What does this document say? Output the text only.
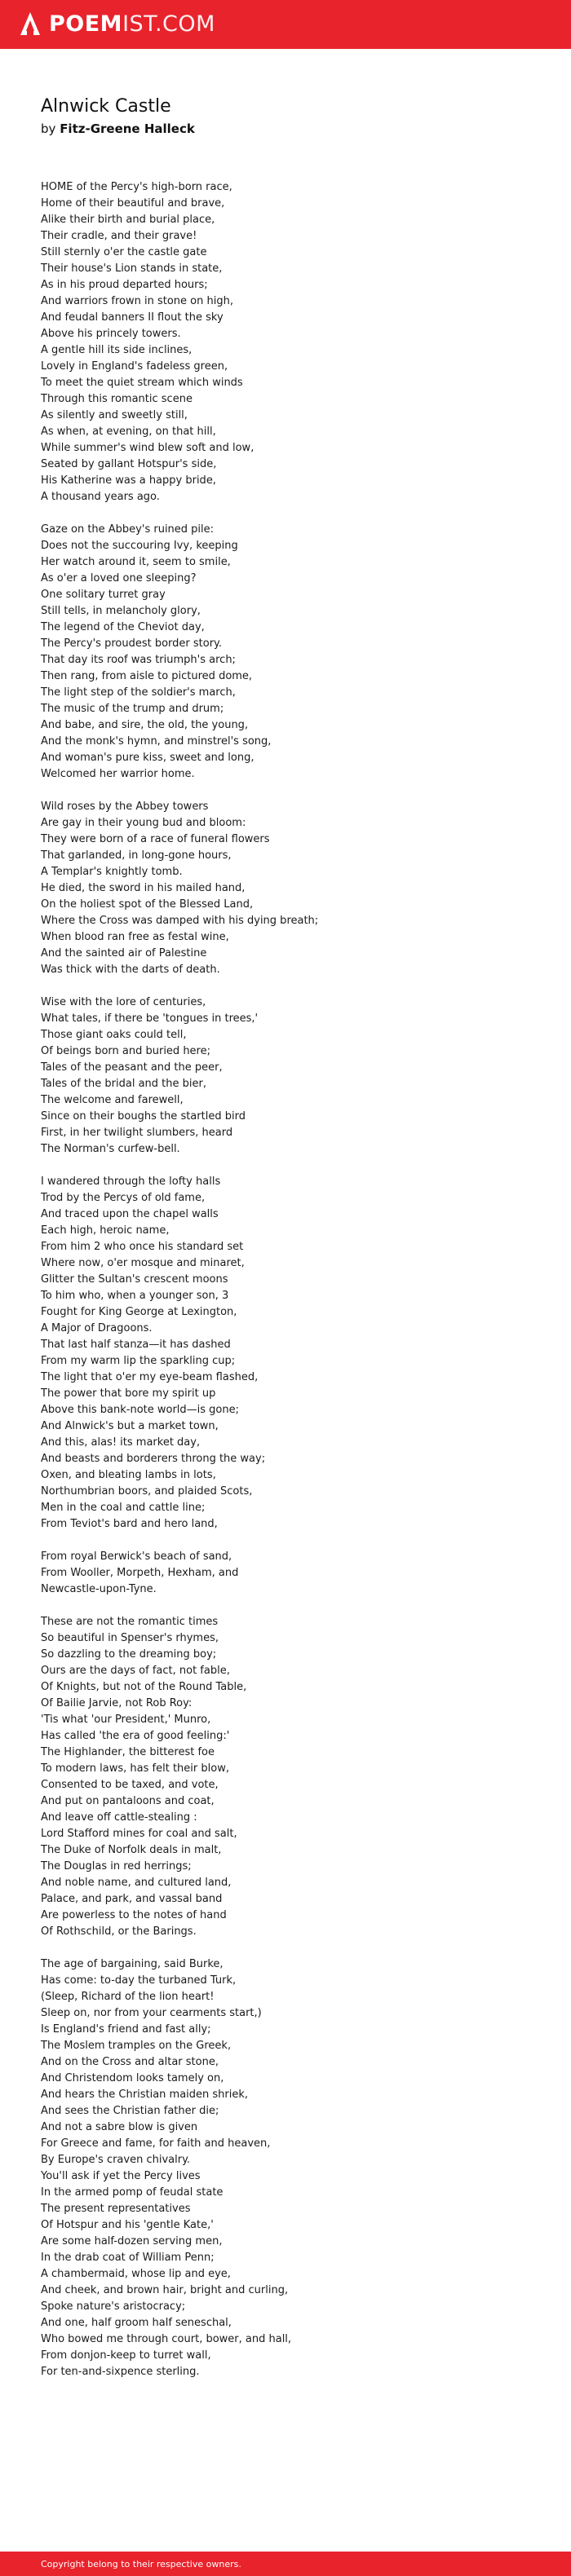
POEMIST.COM
Alnwick Castle
by Fitz-Greene Halleck
HOME of the Percy's high-born race,
Home of their beautiful and brave,
Alike their birth and burial place,
Their cradle, and their grave!
Still sternly o'er the castle gate
Their house's Lion stands in state,
As in his proud departed hours;
And warriors frown in stone on high,
And feudal banners II flout the sky
Above his princely towers.
A gentle hill its side inclines,
Lovely in England's fadeless green,
To meet the quiet stream which winds
Through this romantic scene
As silently and sweetly still,
As when, at evening, on that hill,
While summer's wind blew soft and low,
Seated by gallant Hotspur's side,
His Katherine was a happy bride,
A thousand years ago.
Gaze on the Abbey's ruined pile:
Does not the succouring Ivy, keeping
Her watch around it, seem to smile,
As o'er a loved one sleeping?
One solitary turret gray
Still tells, in melancholy glory,
The legend of the Cheviot day,
The Percy's proudest border story.
That day its roof was triumph's arch;
Then rang, from aisle to pictured dome,
The light step of the soldier's march,
The music of the trump and drum;
And babe, and sire, the old, the young,
And the monk's hymn, and minstrel's song,
And woman's pure kiss, sweet and long,
Welcomed her warrior home.
Wild roses by the Abbey towers
Are gay in their young bud and bloom:
They were born of a race of funeral flowers
That garlanded, in long-gone hours,
A Templar's knightly tomb.
He died, the sword in his mailed hand,
On the holiest spot of the Blessed Land,
Where the Cross was damped with his dying breath;
When blood ran free as festal wine,
And the sainted air of Palestine
Was thick with the darts of death.
Wise with the lore of centuries,
What tales, if there be 'tongues in trees,'
Those giant oaks could tell,
Of beings born and buried here;
Tales of the peasant and the peer,
Tales of the bridal and the bier,
The welcome and farewell,
Since on their boughs the startled bird
First, in her twilight slumbers, heard
The Norman's curfew-bell.
I wandered through the lofty halls
Trod by the Percys of old fame,
And traced upon the chapel walls
Each high, heroic name,
From him 2 who once his standard set
Where now, o'er mosque and minaret,
Glitter the Sultan's crescent moons
To him who, when a younger son, 3
Fought for King George at Lexington,
A Major of Dragoons.
That last half stanza—it has dashed
From my warm lip the sparkling cup;
The light that o'er my eye-beam flashed,
The power that bore my spirit up
Above this bank-note world—is gone;
And Alnwick's but a market town,
And this, alas! its market day,
And beasts and borderers throng the way;
Oxen, and bleating lambs in lots,
Northumbrian boors, and plaided Scots,
Men in the coal and cattle line;
From Teviot's bard and hero land,
From royal Berwick's beach of sand,
From Wooller, Morpeth, Hexham, and
Newcastle-upon-Tyne.
These are not the romantic times
So beautiful in Spenser's rhymes,
So dazzling to the dreaming boy;
Ours are the days of fact, not fable,
Of Knights, but not of the Round Table,
Of Bailie Jarvie, not Rob Roy:
'Tis what 'our President,' Munro,
Has called 'the era of good feeling:'
The Highlander, the bitterest foe
To modern laws, has felt their blow,
Consented to be taxed, and vote,
And put on pantaloons and coat,
And leave off cattle-stealing :
Lord Stafford mines for coal and salt,
The Duke of Norfolk deals in malt,
The Douglas in red herrings;
And noble name, and cultured land,
Palace, and park, and vassal band
Are powerless to the notes of hand
Of Rothschild, or the Barings.
The age of bargaining, said Burke,
Has come: to-day the turbaned Turk,
(Sleep, Richard of the lion heart!
Sleep on, nor from your cearments start,)
Is England's friend and fast ally;
The Moslem tramples on the Greek,
And on the Cross and altar stone,
And Christendom looks tamely on,
And hears the Christian maiden shriek,
And sees the Christian father die;
And not a sabre blow is given
For Greece and fame, for faith and heaven,
By Europe's craven chivalry.
You'll ask if yet the Percy lives
In the armed pomp of feudal state
The present representatives
Of Hotspur and his 'gentle Kate,'
Are some half-dozen serving men,
In the drab coat of William Penn;
A chambermaid, whose lip and eye,
And cheek, and brown hair, bright and curling,
Spoke nature's aristocracy;
And one, half groom half seneschal,
Who bowed me through court, bower, and hall,
From donjon-keep to turret wall,
For ten-and-sixpence sterling.
Copyright belong to their respective owners.
